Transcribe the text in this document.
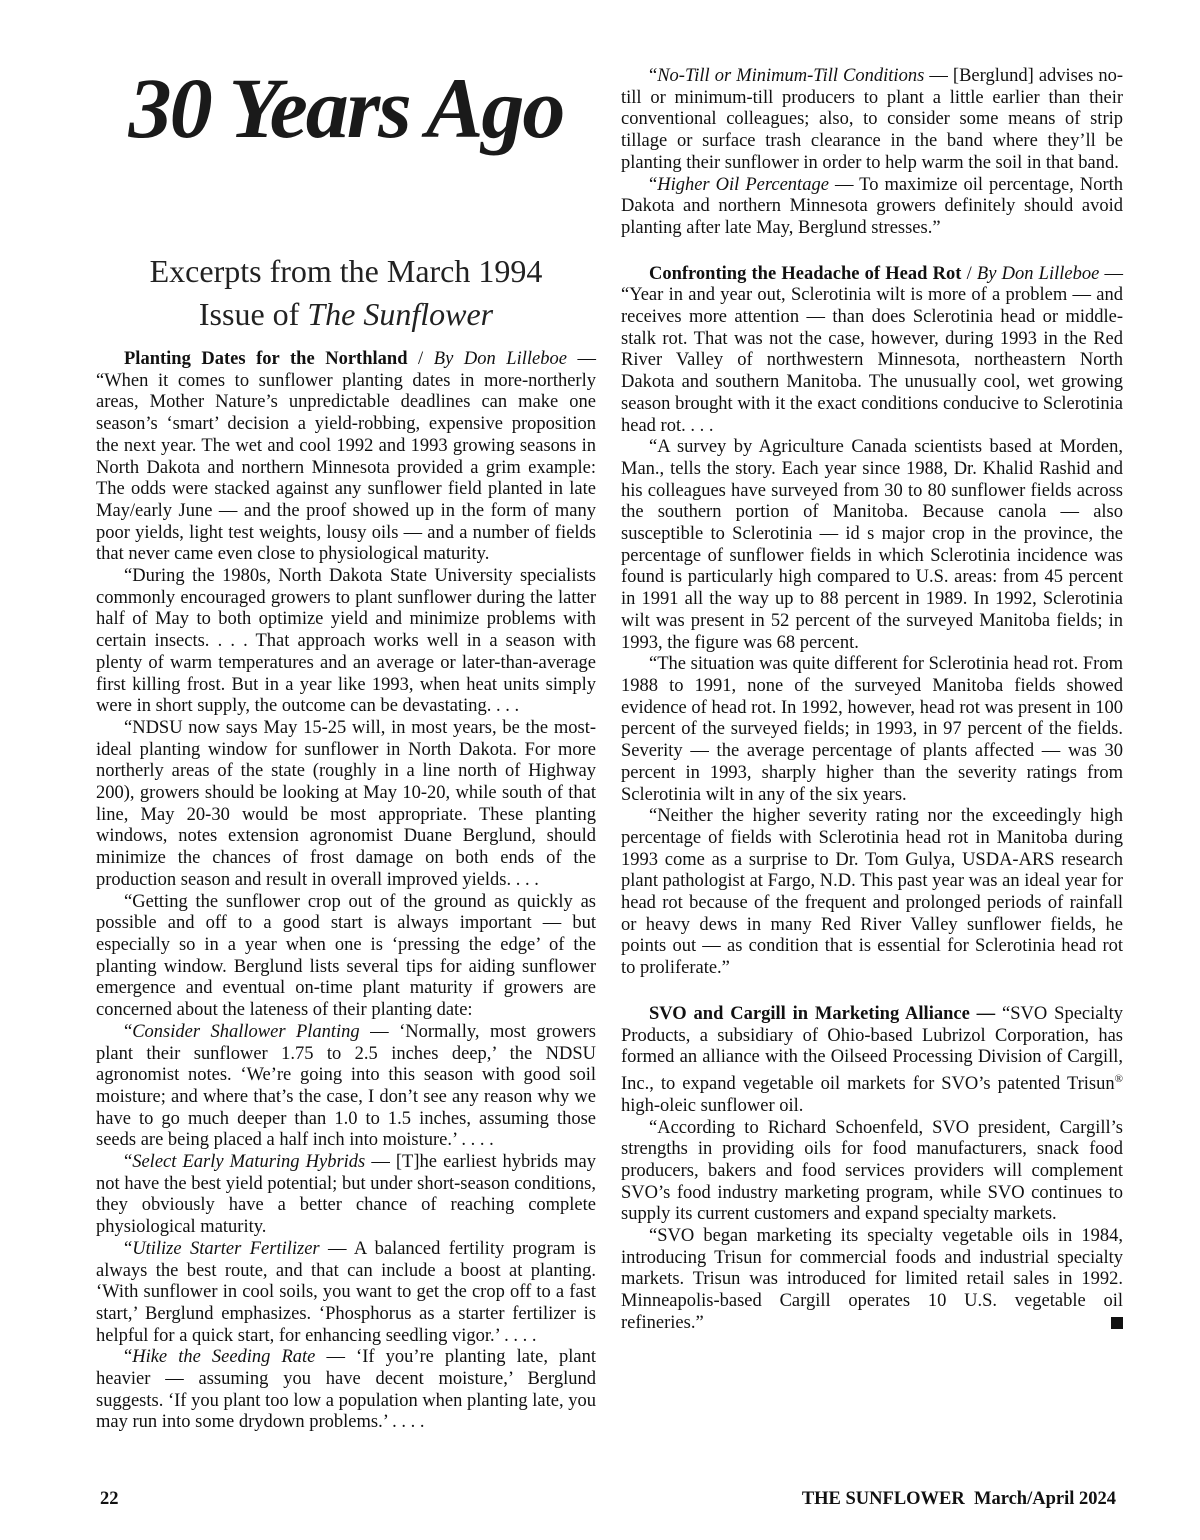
30 Years Ago
Excerpts from the March 1994
Issue of The Sunflower

Planting Dates for the Northland / By Don Lilleboe — “When it comes to sunflower planting dates in more-northerly areas, Mother Nature’s unpredictable deadlines can make one season’s ‘smart’ decision a yield-robbing, expensive proposition the next year. The wet and cool 1992 and 1993 growing seasons in North Dakota and northern Minnesota provided a grim example: The odds were stacked against any sunflower field planted in late May/early June — and the proof showed up in the form of many poor yields, light test weights, lousy oils — and a number of fields that never came even close to physiological maturity.

“During the 1980s, North Dakota State University specialists commonly encouraged growers to plant sunflower during the latter half of May to both optimize yield and minimize problems with certain insects. . . . That approach works well in a season with plenty of warm temperatures and an average or later-than-average first killing frost. But in a year like 1993, when heat units simply were in short supply, the outcome can be devastating. . . .

“NDSU now says May 15-25 will, in most years, be the most-ideal planting window for sunflower in North Dakota. For more northerly areas of the state (roughly in a line north of Highway 200), growers should be looking at May 10-20, while south of that line, May 20-30 would be most appropriate. These planting windows, notes extension agronomist Duane Berglund, should minimize the chances of frost damage on both ends of the production season and result in overall improved yields. . . .

“Getting the sunflower crop out of the ground as quickly as possible and off to a good start is always important — but especially so in a year when one is ‘pressing the edge’ of the planting window. Berglund lists several tips for aiding sunflower emergence and eventual on-time plant maturity if growers are concerned about the lateness of their planting date:

“Consider Shallower Planting — ‘Normally, most growers plant their sunflower 1.75 to 2.5 inches deep,’ the NDSU agronomist notes. ‘We’re going into this season with good soil moisture; and where that’s the case, I don’t see any reason why we have to go much deeper than 1.0 to 1.5 inches, assuming those seeds are being placed a half inch into moisture.’ . . . .

“Select Early Maturing Hybrids — [T]he earliest hybrids may not have the best yield potential; but under short-season conditions, they obviously have a better chance of reaching complete physiological maturity.

“Utilize Starter Fertilizer — A balanced fertility program is always the best route, and that can include a boost at planting. ‘With sunflower in cool soils, you want to get the crop off to a fast start,’ Berglund emphasizes. ‘Phosphorus as a starter fertilizer is helpful for a quick start, for enhancing seedling vigor.’ . . . .

“Hike the Seeding Rate — ‘If you’re planting late, plant heavier — assuming you have decent moisture,’ Berglund suggests. ‘If you plant too low a population when planting late, you may run into some drydown problems.’ . . . .

“No-Till or Minimum-Till Conditions — [Berglund] advises no-till or minimum-till producers to plant a little earlier than their conventional colleagues; also, to consider some means of strip tillage or surface trash clearance in the band where they’ll be planting their sunflower in order to help warm the soil in that band.

“Higher Oil Percentage — To maximize oil percentage, North Dakota and northern Minnesota growers definitely should avoid planting after late May, Berglund stresses.”

Confronting the Headache of Head Rot / By Don Lilleboe — “Year in and year out, Sclerotinia wilt is more of a problem — and receives more attention — than does Sclerotinia head or middle-stalk rot. That was not the case, however, during 1993 in the Red River Valley of northwestern Minnesota, northeastern North Dakota and southern Manitoba. The unusually cool, wet growing season brought with it the exact conditions conducive to Sclerotinia head rot. . . .

“A survey by Agriculture Canada scientists based at Morden, Man., tells the story. Each year since 1988, Dr. Khalid Rashid and his colleagues have surveyed from 30 to 80 sunflower fields across the southern portion of Manitoba. Because canola — also susceptible to Sclerotinia — id s major crop in the province, the percentage of sunflower fields in which Sclerotinia incidence was found is particularly high compared to U.S. areas: from 45 percent in 1991 all the way up to 88 percent in 1989. In 1992, Sclerotinia wilt was present in 52 percent of the surveyed Manitoba fields; in 1993, the figure was 68 percent.

“The situation was quite different for Sclerotinia head rot. From 1988 to 1991, none of the surveyed Manitoba fields showed evidence of head rot. In 1992, however, head rot was present in 100 percent of the surveyed fields; in 1993, in 97 percent of the fields. Severity — the average percentage of plants affected — was 30 percent in 1993, sharply higher than the severity ratings from Sclerotinia wilt in any of the six years.

“Neither the higher severity rating nor the exceedingly high percentage of fields with Sclerotinia head rot in Manitoba during 1993 come as a surprise to Dr. Tom Gulya, USDA-ARS research plant pathologist at Fargo, N.D. This past year was an ideal year for head rot because of the frequent and prolonged periods of rainfall or heavy dews in many Red River Valley sunflower fields, he points out — as condition that is essential for Sclerotinia head rot to proliferate.”

SVO and Cargill in Marketing Alliance — “SVO Specialty Products, a subsidiary of Ohio-based Lubrizol Corporation, has formed an alliance with the Oilseed Processing Division of Cargill, Inc., to expand vegetable oil markets for SVO’s patented Trisun® high-oleic sunflower oil.

“According to Richard Schoenfeld, SVO president, Cargill’s strengths in providing oils for food manufacturers, snack food producers, bakers and food services providers will complement SVO’s food industry marketing program, while SVO continues to supply its current customers and expand specialty markets.

“SVO began marketing its specialty vegetable oils in 1984, introducing Trisun for commercial foods and industrial specialty markets. Trisun was introduced for limited retail sales in 1992. Minneapolis-based Cargill operates 10 U.S. vegetable oil refineries.”

22	THE SUNFLOWER  March/April 2024
